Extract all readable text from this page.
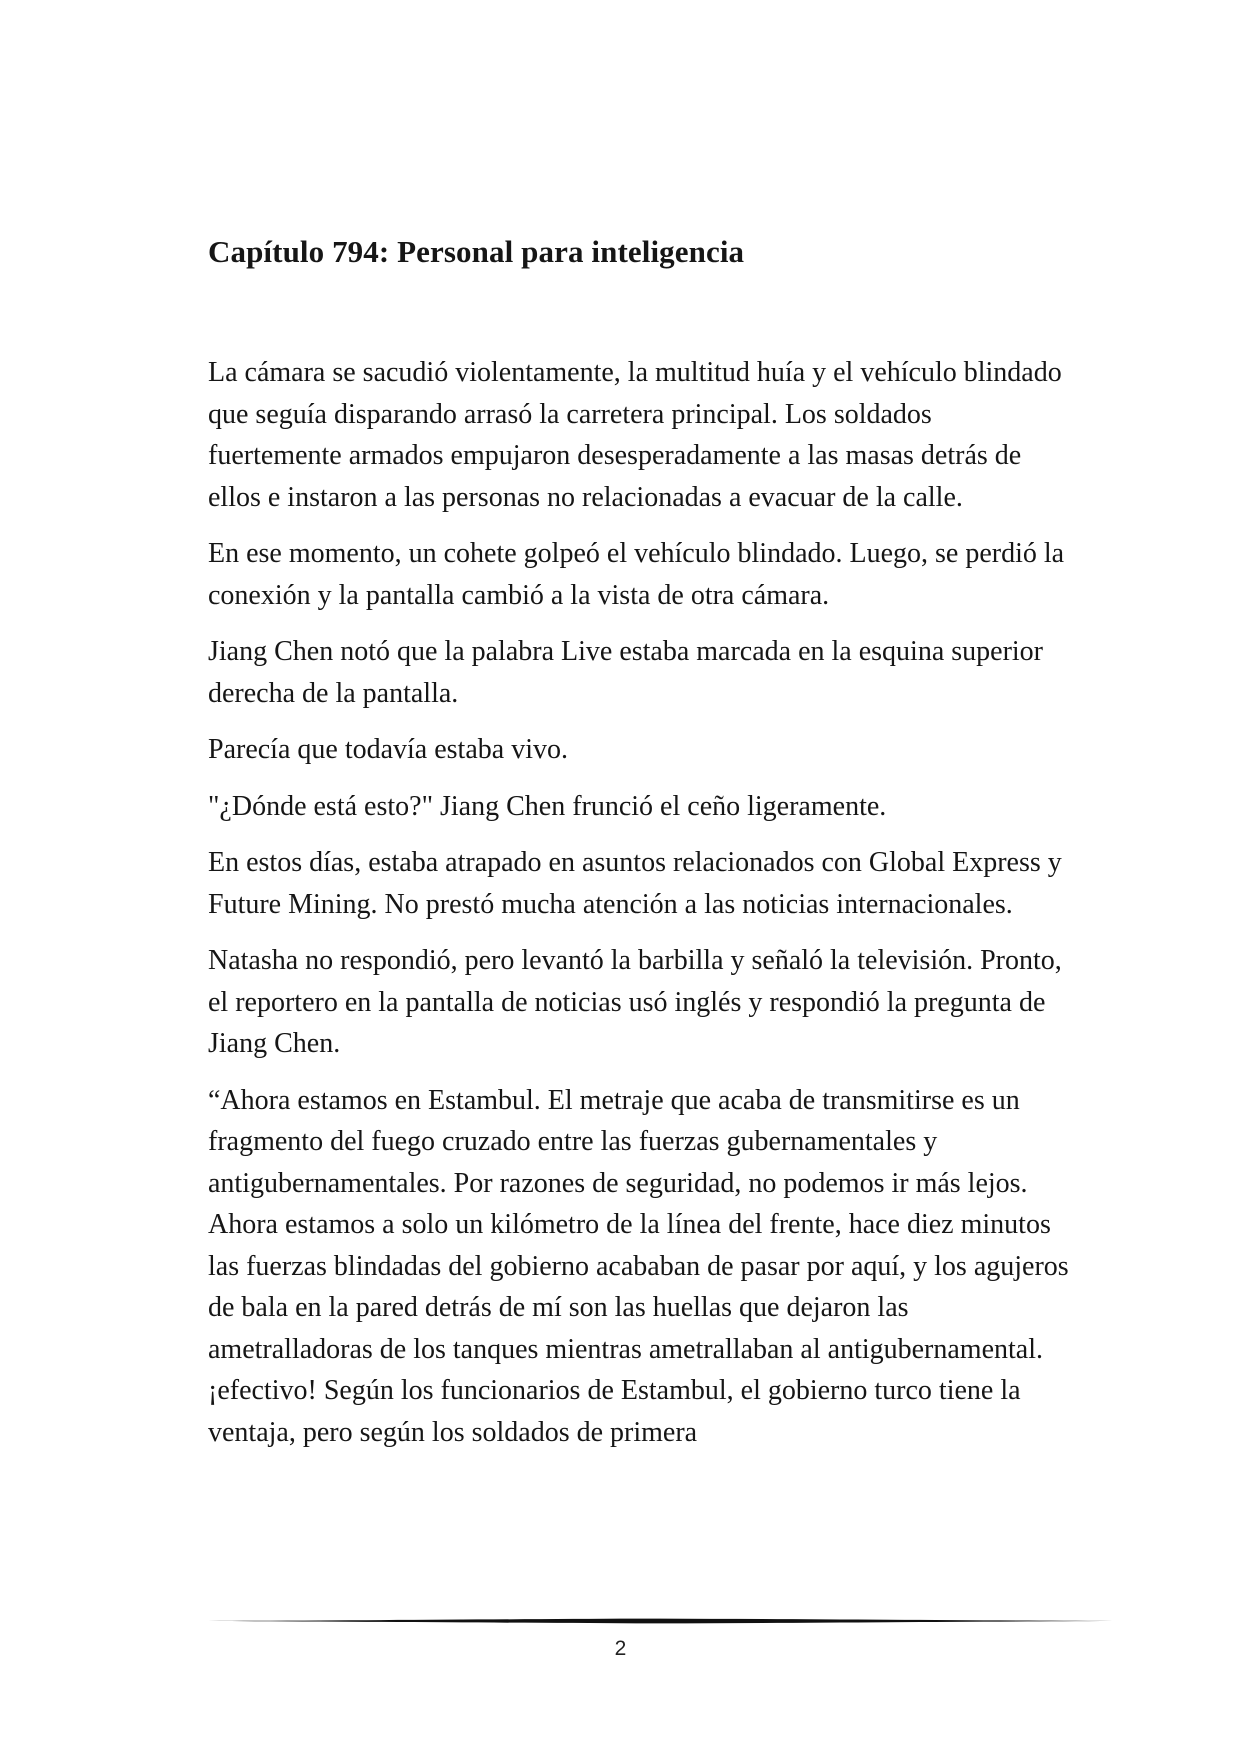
Capítulo 794: Personal para inteligencia

La cámara se sacudió violentamente, la multitud huía y el vehículo blindado que seguía disparando arrasó la carretera principal. Los soldados fuertemente armados empujaron desesperadamente a las masas detrás de ellos e instaron a las personas no relacionadas a evacuar de la calle.

En ese momento, un cohete golpeó el vehículo blindado. Luego, se perdió la conexión y la pantalla cambió a la vista de otra cámara.

Jiang Chen notó que la palabra Live estaba marcada en la esquina superior derecha de la pantalla.

Parecía que todavía estaba vivo.

"¿Dónde está esto?" Jiang Chen frunció el ceño ligeramente.

En estos días, estaba atrapado en asuntos relacionados con Global Express y Future Mining. No prestó mucha atención a las noticias internacionales.

Natasha no respondió, pero levantó la barbilla y señaló la televisión. Pronto, el reportero en la pantalla de noticias usó inglés y respondió la pregunta de Jiang Chen.

“Ahora estamos en Estambul. El metraje que acaba de transmitirse es un fragmento del fuego cruzado entre las fuerzas gubernamentales y antigubernamentales. Por razones de seguridad, no podemos ir más lejos. Ahora estamos a solo un kilómetro de la línea del frente, hace diez minutos las fuerzas blindadas del gobierno acababan de pasar por aquí, y los agujeros de bala en la pared detrás de mí son las huellas que dejaron las ametralladoras de los tanques mientras ametrallaban al antigubernamental. ¡efectivo! Según los funcionarios de Estambul, el gobierno turco tiene la ventaja, pero según los soldados de primera

2
